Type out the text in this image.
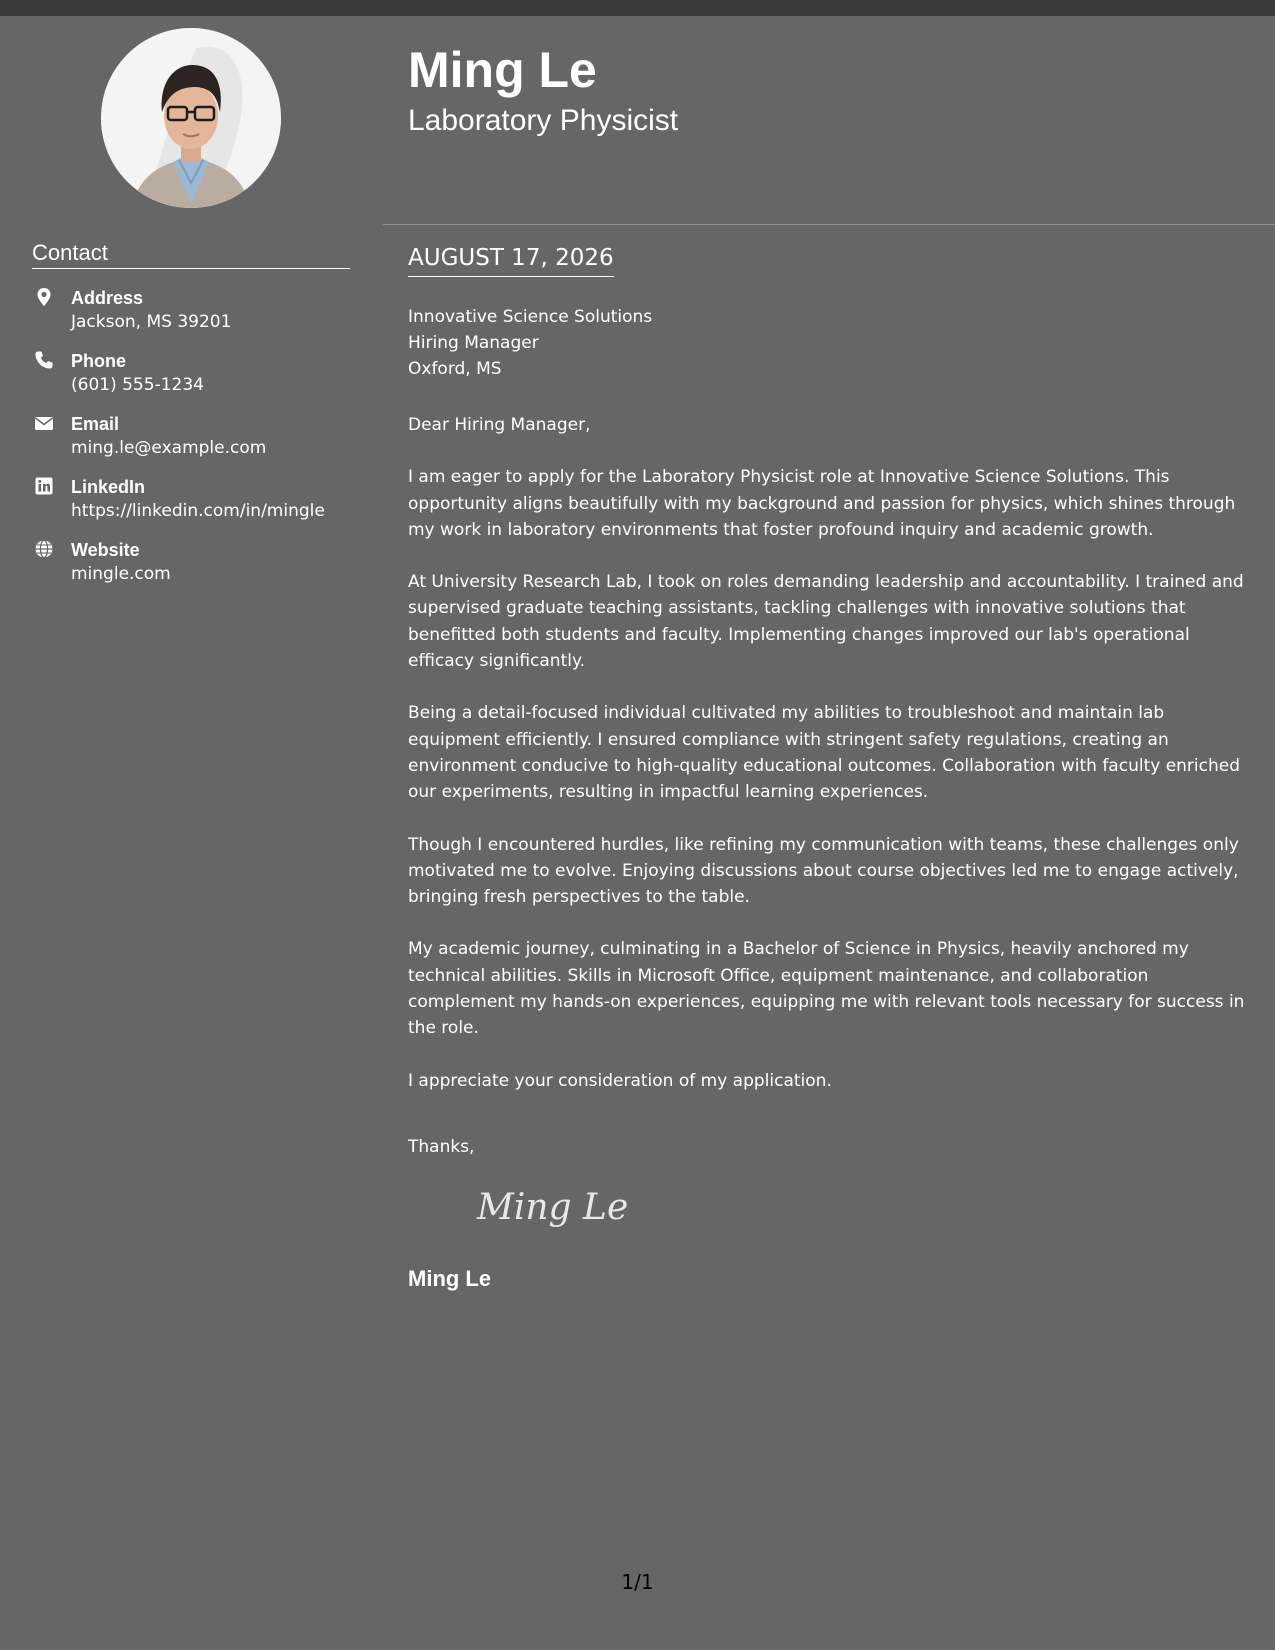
Contact
Address
Jackson, MS 39201
Phone
(601) 555-1234
Email
ming.le@example.com
LinkedIn
https://linkedin.com/in/mingle
Website
mingle.com
Ming Le
Laboratory Physicist
AUGUST 17, 2026
Innovative Science Solutions
Hiring Manager
Oxford, MS

Dear Hiring Manager,

I am eager to apply for the Laboratory Physicist role at Innovative Science Solutions. This opportunity aligns beautifully with my background and passion for physics, which shines through my work in laboratory environments that foster profound inquiry and academic growth.

At University Research Lab, I took on roles demanding leadership and accountability. I trained and supervised graduate teaching assistants, tackling challenges with innovative solutions that benefitted both students and faculty. Implementing changes improved our lab's operational efficacy significantly.

Being a detail-focused individual cultivated my abilities to troubleshoot and maintain lab equipment efficiently. I ensured compliance with stringent safety regulations, creating an environment conducive to high-quality educational outcomes. Collaboration with faculty enriched our experiments, resulting in impactful learning experiences.

Though I encountered hurdles, like refining my communication with teams, these challenges only motivated me to evolve. Enjoying discussions about course objectives led me to engage actively, bringing fresh perspectives to the table.

My academic journey, culminating in a Bachelor of Science in Physics, heavily anchored my technical abilities. Skills in Microsoft Office, equipment maintenance, and collaboration complement my hands-on experiences, equipping me with relevant tools necessary for success in the role.

I appreciate your consideration of my application.

Thanks,
Ming Le
Ming Le
1/1
